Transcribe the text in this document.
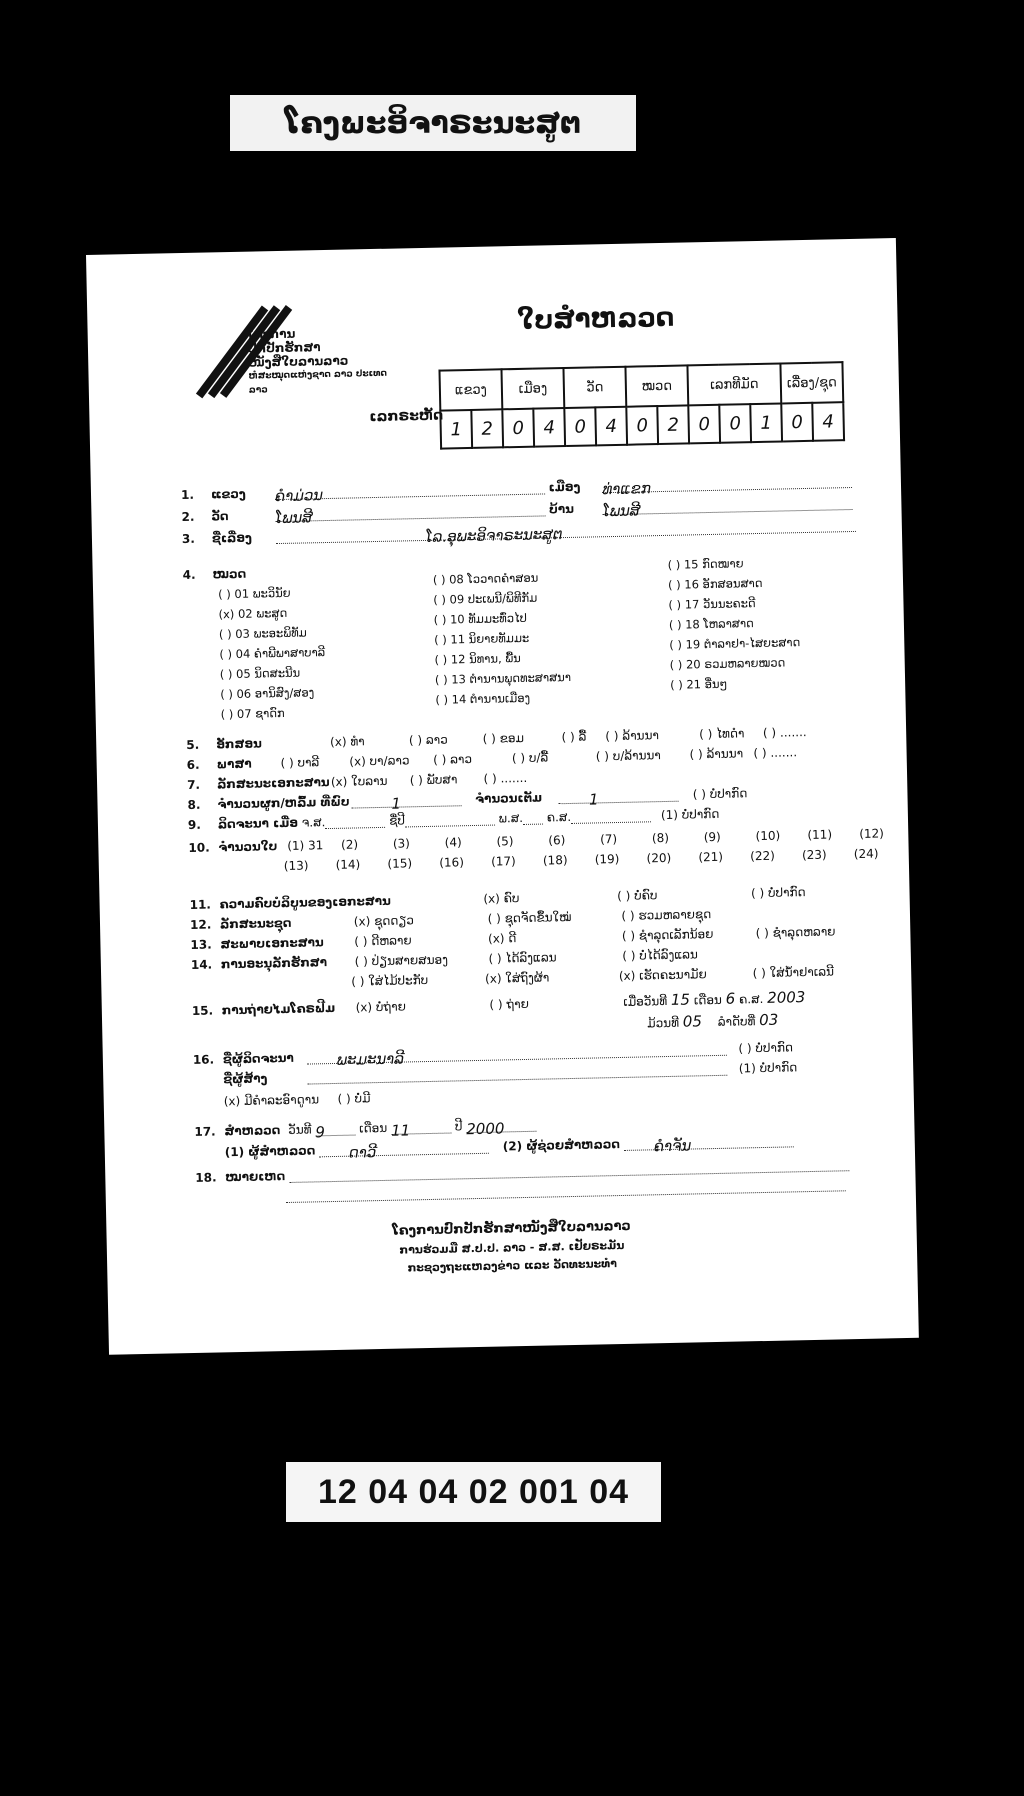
ໂຄງພະອິຈາຣະນະສູຕ
ໂຄງການ
ປົກປັກຮັກສາ
ໜັງສືໃບລານລາວ
ຫໍສະໝຸດແຫ່ງຊາດ ລາວ ປະເທດລາວ
ໃບສໍາຫລວດ
ເລກຣະຫັດ
ແຂວງ		ເມືອງ		ວັດ		ໝວດ		ເລກທີມັດ			ເລື່ອງ/ຊຸດ	
1	2	0	4	0	4	0	2	0	0	1	0	4
1. ແຂວງ ຄໍາມ່ວນ	ເມືອງ ທ່າແຂກ
2. ວັດ	ໂພນສີ	ບ້ານ ໂພນສີ
3. ຊື່ເລື່ອງ	ໂລ.ອຸພະອິຈາຣະນະສູຕ
4. ໝວດ
( ) 01 ພະວິນັຍ
(x) 02 ພະສູດ
( ) 03 ພະອະພິທັມ
( ) 04 ຄໍາພີພາສາບາລີ
( ) 05 ນິດສະນີນ
( ) 06 ອານິສົງ/ສອງ
( ) 07 ຊາດົກ
( ) 08 ໂວວາດຄໍາສອນ
( ) 09 ປະເພນີ/ພິທີກັມ
( ) 10 ທັມມະທົ່ວໄປ
( ) 11 ນິຍາຍທັມມະ
( ) 12 ນິທານ, ພື້ນ
( ) 13 ຕໍານານພຸດທະສາສນາ
( ) 14 ຕໍານານເມືອງ
( ) 15 ກົດໝາຍ
( ) 16 ອັກສອນສາດ
( ) 17 ວັນນະຄະດີ
( ) 18 ໂຫລາສາດ
( ) 19 ຕໍາລາຢາ-ໄສຍະສາດ
( ) 20 ຣວມຫລາຍໝວດ
( ) 21 ອື່ນໆ
5. ອັກສອນ	(x) ທໍາ	( ) ລາວ	( ) ຂອມ	( ) ລື້ ( ) ລ້ານນາ	( ) ໄທດໍາ ( ) .......
6. ພາສາ ( ) ບາລີ (x) ບາ/ລາວ ( ) ລາວ	( ) ບ/ລື້	( ) ບ/ລ້ານນາ ( ) ລ້ານນາ ( ) .......
7. ລັກສະນະເອກະສານ (x) ໃບລານ ( ) ພັບສາ ( ) .......
8. ຈໍານວນຜູກ/ຫລົ້ມ ທີ່ພົບ	1	ຈໍານວນເຕັມ	1	( ) ບໍ່ປາກົດ
9. ລິດຈະນາ ເມື່ອ ຈ.ສ.	ຊື່ປີ	ພ.ສ. ຄ.ສ.	(1) ບໍ່ປາກົດ
10. ຈໍານວນໃບ (1) 31 (2)	(3)	(4)	(5)	(6)	(7)	(8)	(9)	(10) (11) (12)
(13) (14) (15) (16) (17) (18) (19) (20) (21) (22) (23) (24)
11. ຄວາມຄົບບໍລິບູນຂອງເອກະສານ	(x) ຄົບ	( ) ບໍ່ຄົບ	( ) ບໍ່ປາກົດ
12. ລັກສະນະຊຸດ	(x) ຊຸດດຽວ	( ) ຊຸດຈັດຂຶ້ນໃໝ່	( ) ຮວມຫລາຍຊຸດ
13. ສະພາບເອກະສານ	( ) ດີຫລາຍ	(x) ດີ	( ) ຊໍາລຸດເລັກນ້ອຍ	( ) ຊໍາລຸດຫລາຍ
14. ການອະນຸລັກຮັກສາ ( ) ປ່ຽນສາຍສນອງ	( ) ໄດ້ລົງແລນ	( ) ບໍ່ໄດ້ລົງແລນ
( ) ໃສ່ໄມ້ປະກັບ	(x) ໃສ່ຖົງຜ້າ	(x) ເຮັດຄະນາມັຍ	( ) ໃສ່ນໍ້າຢາເລນີ
15. ການຖ່າຍໄມໂຄຣຟີມ (x) ບໍ່ຖ່າຍ	( ) ຖ່າຍ	ເມື່ອວັນທີ 15 ເດືອນ 6 ຄ.ສ. 2003
ມ້ວນທີ 05 ລໍາດັບທີ່ 03
16. ຊື່ຜູ້ລິດຈະນາ	ພະມະນາລີ ( ) ບໍ່ປາກົດ
ຊື່ຜູ້ສ້າງ  (1) ບໍ່ປາກົດ
(x) ມີຄໍາລະອົາດູານ ( ) ບໍ່ມີ
17. ສໍາຫລວດ ວັນທີ 9	ເດືອນ 11	ປີ 2000
(1) ຜູ້ສໍາຫລວດ ດາວີ	(2) ຜູ້ຊ່ວຍສໍາຫລວດ ຄໍາຈັນ
18. ໝາຍເຫດ
ໂຄງການປົກປັກຮັກສາໜັງສືໃບລານລາວ
ການຮ່ວມມື ສ.ປ.ປ. ລາວ - ສ.ສ. ເຢັຍຣະມັນ
ກະຊວງຖະແຫລງຂ່າວ ແລະ ວັດທະນະທໍາ
12 04 04 02 001 04
